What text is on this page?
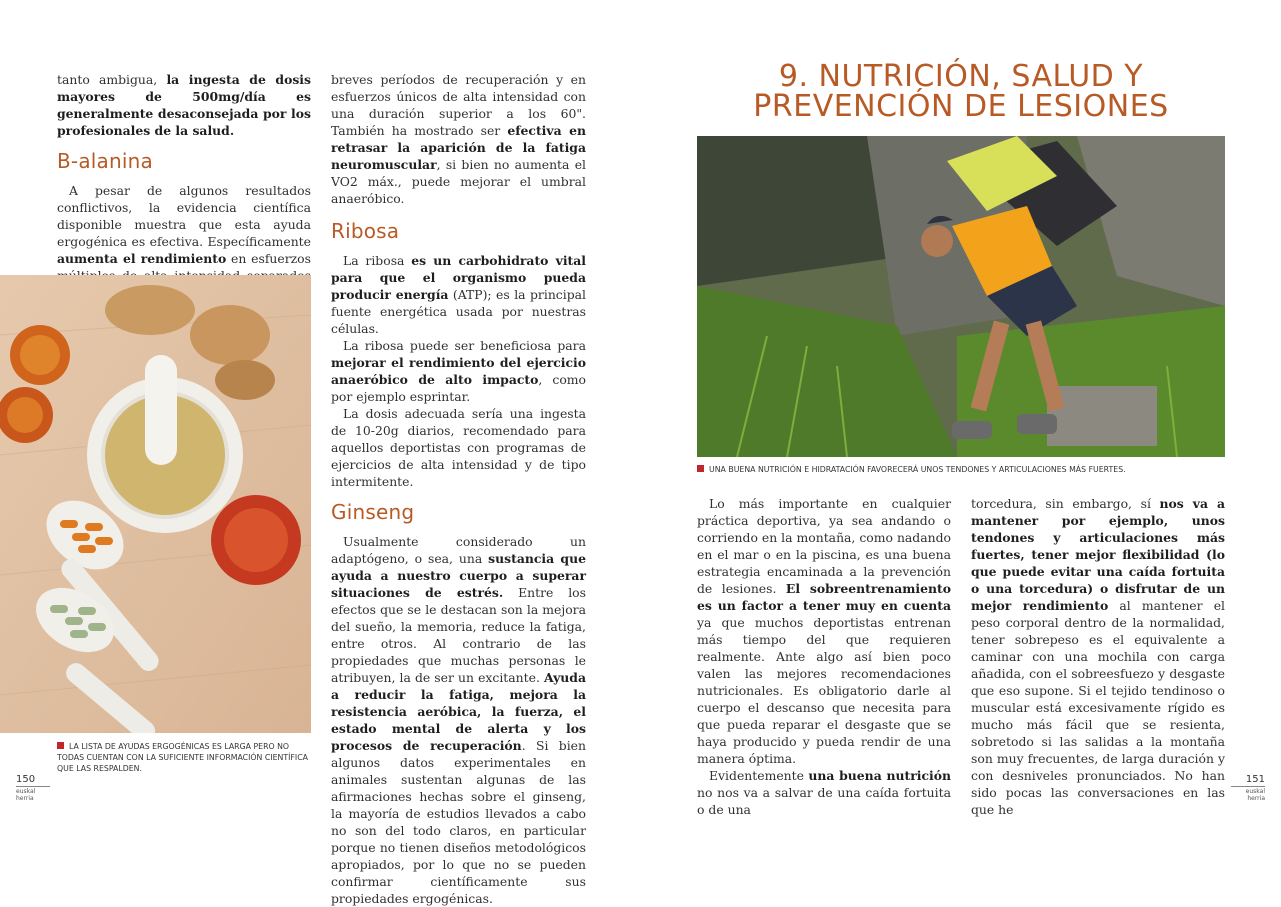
tanto ambigua, la ingesta de dosis mayores de 500mg/día es generalmente desaconsejada por los profesionales de la salud.

B-alanina

A pesar de algunos resultados conflictivos, la evidencia científica disponible muestra que esta ayuda ergogénica es efectiva. Específicamente aumenta el rendimiento en esfuerzos

breves períodos de recuperación y en esfuerzos únicos de alta intensidad con una duración superior a los 60". También ha mostrado ser efectiva en retrasar la aparición de la fatiga neuromuscular, si bien no aumenta el VO2 máx., puede mejorar el umbral anaeróbico.

Ribosa

La ribosa es un carbohidrato vital para que el organismo pueda producir energía (ATP); es la principal fuente energética usada por nuestras células.

La ribosa puede ser beneficiosa para mejorar el rendimiento del ejercicio anaeróbico de alto impacto, como por ejemplo esprintar.

La dosis adecuada sería una ingesta de 10-20g diarios, recomendado para aquellos deportistas con programas de ejercicios de alta intensidad y de tipo intermitente.

Ginseng

Usualmente considerado un adaptógeno, o sea, una sustancia que ayuda a nuestro cuerpo a superar situaciones de estrés. Entre los efectos que se le destacan son la mejora del sueño, la memoria, reduce la fatiga, entre otros. Al contrario de las propiedades que muchas personas le atribuyen, la de ser un excitante. Ayuda a reducir la fatiga, mejora la resistencia aeróbica, la fuerza, el estado mental de alerta y los procesos de recuperación. Si bien algunos datos experimentales en animales sustentan algunas de las afirmaciones hechas sobre el ginseng, la mayoría de estudios llevados a cabo no son del todo claros, en particular porque no tienen diseños metodológicos apropiados, por lo que no se pueden confirmar científicamente sus propiedades ergogénicas.

LA LISTA DE AYUDAS ERGOGÉNICAS ES LARGA PERO NO TODAS CUENTAN CON LA SUFICIENTE INFORMACIÓN CIENTÍFICA QUE LAS RESPALDEN.
150
euskal herria
9. NUTRICIÓN, SALUD Y PREVENCIÓN DE LESIONES
UNA BUENA NUTRICIÓN E HIDRATACIÓN FAVORECERÁ UNOS TENDONES Y ARTICULACIONES MÁS FUERTES.

Lo más importante en cualquier práctica deportiva, ya sea andando o corriendo en la montaña, como nadando en el mar o en la piscina, es una buena estrategia encaminada a la prevención de lesiones. El sobreentrenamiento es un factor a tener muy en cuenta ya que muchos deportistas entrenan más tiempo del que requieren realmente. Ante algo así bien poco valen las mejores recomendaciones nutricionales. Es obligatorio darle al cuerpo el descanso que necesita para que pueda reparar el desgaste que se haya producido y pueda rendir de una manera óptima.

Evidentemente una buena nutrición no nos va a salvar de una caída fortuita o de una

torcedura, sin embargo, sí nos va a mantener por ejemplo, unos tendones y articulaciones más fuertes, tener mejor flexibilidad (lo que puede evitar una caída fortuita o una torcedura) o disfrutar de un mejor rendimiento al mantener el peso corporal dentro de la normalidad, tener sobrepeso es el equivalente a caminar con una mochila con carga añadida, con el sobreesfuezo y desgaste que eso supone. Si el tejido tendinoso o muscular está excesivamente rígido es mucho más fácil que se resienta, sobretodo si las salidas a la montaña son muy frecuentes, de larga duración y con desniveles pronunciados. No han sido pocas las conversaciones en las que he

151
euskal herria
